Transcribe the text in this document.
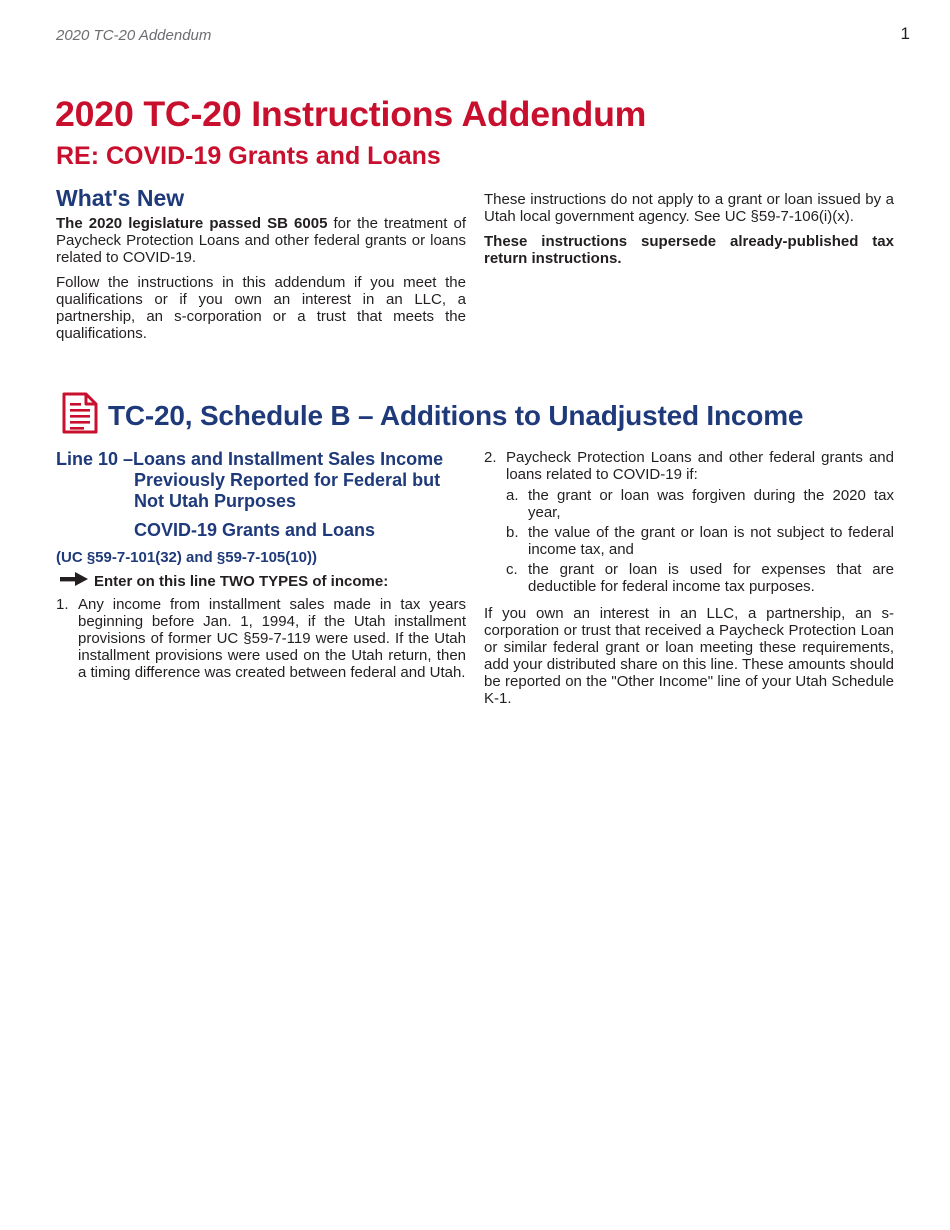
2020 TC-20 Addendum	1
2020 TC-20 Instructions Addendum
RE: COVID-19 Grants and Loans
What's New

The 2020 legislature passed SB 6005 for the treatment of Paycheck Protection Loans and other federal grants or loans related to COVID-19.

Follow the instructions in this addendum if you meet the qualifications or if you own an interest in an LLC, a partnership, an s-corporation or a trust that meets the qualifications.

These instructions do not apply to a grant or loan issued by a Utah local government agency. See UC §59-7-106(i)(x).

These instructions supersede already-published tax return instructions.

TC-20, Schedule B – Additions to Unadjusted Income
Line 10 –Loans and Installment Sales Income
Previously Reported for Federal but
Not Utah Purposes
COVID-19 Grants and Loans
(UC §59-7-101(32) and §59-7-105(10))
Enter on this line TWO TYPES of income:
1. Any income from installment sales made in tax years beginning before Jan. 1, 1994, if the Utah installment provisions of former UC §59-7-119 were used. If the Utah installment provisions were used on the Utah return, then a timing difference was created between federal and Utah.
2. Paycheck Protection Loans and other federal grants and loans related to COVID-19 if:
a. the grant or loan was forgiven during the 2020 tax year,
b. the value of the grant or loan is not subject to federal income tax, and
c. the grant or loan is used for expenses that are deductible for federal income tax purposes.

If you own an interest in an LLC, a partnership, an s-corporation or trust that received a Paycheck Protection Loan or similar federal grant or loan meeting these requirements, add your distributed share on this line. These amounts should be reported on the "Other Income" line of your Utah Schedule K-1.
